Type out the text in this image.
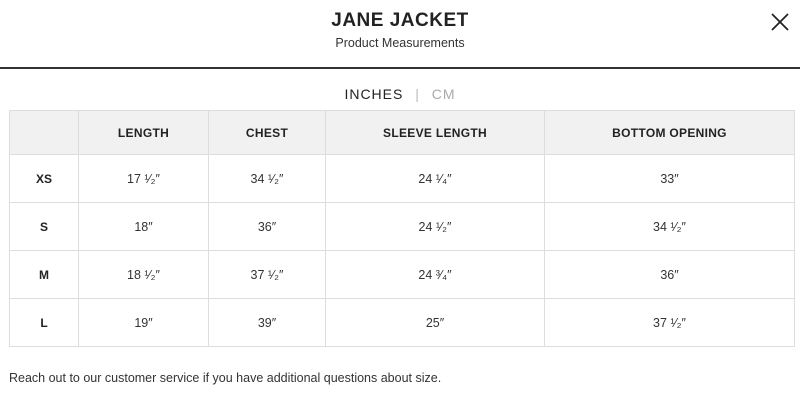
JANE JACKET
Product Measurements
INCHES | CM
	LENGTH	CHEST	SLEEVE LENGTH	BOTTOM OPENING
XS	17 ¹⁄₂″	34 ¹⁄₂″	24 ¹⁄₄″	33″
S	18″	36″	24 ¹⁄₂″	34 ¹⁄₂″
M	18 ¹⁄₂″	37 ¹⁄₂″	24 ³⁄₄″	36″
L	19″	39″	25″	37 ¹⁄₂″
Reach out to our customer service if you have additional questions about size.
